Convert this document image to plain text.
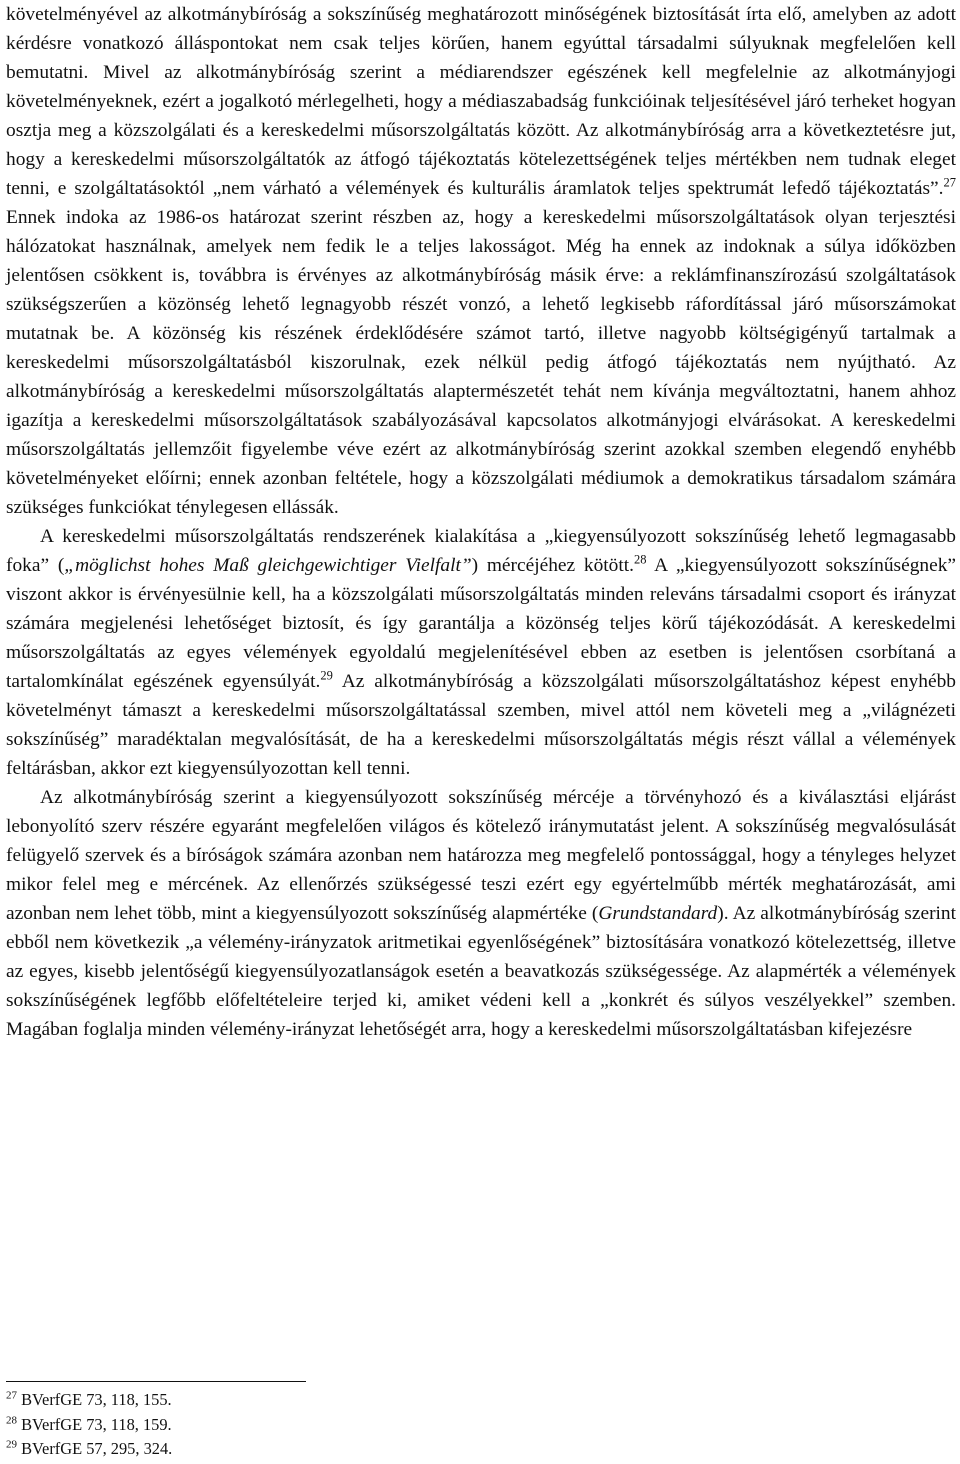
követelményével az alkotmánybíróság a sokszínűség meghatározott minőségének biztosítását írta elő, amelyben az adott kérdésre vonatkozó álláspontokat nem csak teljes körűen, hanem egyúttal társadalmi súlyuknak megfelelően kell bemutatni. Mivel az alkotmánybíróság szerint a médiarendszer egészének kell megfelelnie az alkotmányjogi követelményeknek, ezért a jogalkotó mérlegelheti, hogy a médiaszabadság funkcióinak teljesítésével járó terheket hogyan osztja meg a közszolgálati és a kereskedelmi műsorszolgáltatás között. Az alkotmánybíróság arra a következtetésre jut, hogy a kereskedelmi műsorszolgáltatók az átfogó tájékoztatás kötelezettségének teljes mértékben nem tudnak eleget tenni, e szolgáltatásoktól „nem várható a vélemények és kulturális áramlatok teljes spektrumát lefedő tájékoztatás”.$^{27}$ Ennek indoka az 1986-os határozat szerint részben az, hogy a kereskedelmi műsorszolgáltatások olyan terjesztési hálózatokat használnak, amelyek nem fedik le a teljes lakosságot. Még ha ennek az indoknak a súlya időközben jelentősen csökkent is, továbbra is érvényes az alkotmánybíróság másik érve: a reklámfinanszírozású szolgáltatások szükségszerűen a közönség lehető legnagyobb részét vonzó, a lehető legkisebb ráfordítással járó műsorszámokat mutatnak be. A közönség kis részének érdeklődésére számot tartó, illetve nagyobb költségigényű tartalmak a kereskedelmi műsorszolgáltatásból kiszorulnak, ezek nélkül pedig átfogó tájékoztatás nem nyújtható. Az alkotmánybíróság a kereskedelmi műsorszolgáltatás alaptermészetét tehát nem kívánja megváltoztatni, hanem ahhoz igazítja a kereskedelmi műsorszolgáltatások szabályozásával kapcsolatos alkotmányjogi elvárásokat. A kereskedelmi műsorszolgáltatás jellemzőit figyelembe véve ezért az alkotmánybíróság szerint azokkal szemben elegendő enyhébb követelményeket előírni; ennek azonban feltétele, hogy a közszolgálati médiumok a demokratikus társadalom számára szükséges funkciókat ténylegesen ellássák.

A kereskedelmi műsorszolgáltatás rendszerének kialakítása a „kiegyensúlyozott sokszínűség lehető legmagasabb foka” („möglichst hohes Maß gleichgewichtiger Vielfalt”) mércéjéhez kötött.$^{28}$ A „kiegyensúlyozott sokszínűségnek” viszont akkor is érvényesülnie kell, ha a közszolgálati műsorszolgáltatás minden releváns társadalmi csoport és irányzat számára megjelenési lehetőséget biztosít, és így garantálja a közönség teljes körű tájékozódását. A kereskedelmi műsorszolgáltatás az egyes vélemények egyoldalú megjelenítésével ebben az esetben is jelentősen csorbítaná a tartalomkínálat egészének egyensúlyát.$^{29}$ Az alkotmánybíróság a közszolgálati műsorszolgáltatáshoz képest enyhébb követelményt támaszt a kereskedelmi műsorszolgáltatással szemben, mivel attól nem követeli meg a „világnézeti sokszínűség” maradéktalan megvalósítását, de ha a kereskedelmi műsorszolgáltatás mégis részt vállal a vélemények feltárásban, akkor ezt kiegyensúlyozottan kell tenni.

Az alkotmánybíróság szerint a kiegyensúlyozott sokszínűség mércéje a törvényhozó és a kiválasztási eljárást lebonyolító szerv részére egyaránt megfelelően világos és kötelező iránymutatást jelent. A sokszínűség megvalósulását felügyelő szervek és a bíróságok számára azonban nem határozza meg megfelelő pontossággal, hogy a tényleges helyzet mikor felel meg e mércének. Az ellenőrzés szükségessé teszi ezért egy egyértelműbb mérték meghatározását, ami azonban nem lehet több, mint a kiegyensúlyozott sokszínűség alapmértéke (Grundstandard). Az alkotmánybíróság szerint ebből nem következik „a vélemény-irányzatok aritmetikai egyenlőségének” biztosítására vonatkozó kötelezettség, illetve az egyes, kisebb jelentőségű kiegyensúlyozatlanságok esetén a beavatkozás szükségessége. Az alapmérték a vélemények sokszínűségének legfőbb előfeltételeire terjed ki, amiket védeni kell a „konkrét és súlyos veszélyekkel” szemben. Magában foglalja minden vélemény-irányzat lehetőségét arra, hogy a kereskedelmi műsorszolgáltatásban kifejezésre

$^{27}$ BVerfGE 73, 118, 155.

$^{28}$ BVerfGE 73, 118, 159.

$^{29}$ BVerfGE 57, 295, 324.
